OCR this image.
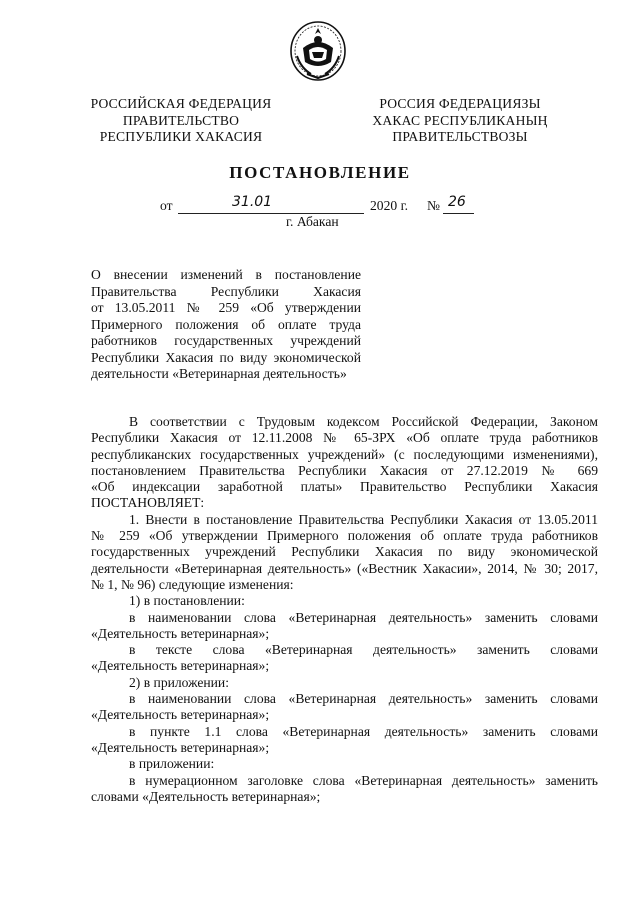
РОССИЙСКАЯ ФЕДЕРАЦИЯ
ПРАВИТЕЛЬСТВО
РЕСПУБЛИКИ ХАКАСИЯ
РОССИЯ ФЕДЕРАЦИЯЗЫ
ХАКАС РЕСПУБЛИКАНЫҢ
ПРАВИТЕЛЬСТВОЗЫ
ПОСТАНОВЛЕНИЕ
от	31.01	2020 г. № 26
г. Абакан
О внесении изменений в постановление
Правительства Республики Хакасия
от 13.05.2011 № 259 «Об утверждении
Примерного положения об оплате труда
работников государственных учреждений
Республики Хакасия по виду экономической
деятельности «Ветеринарная деятельность»
В соответствии с Трудовым кодексом Российской Федерации, Законом
Республики Хакасия от 12.11.2008 № 65-ЗРХ «Об оплате труда работников
республиканских государственных учреждений» (с последующими изменениями),
постановлением Правительства Республики Хакасия от 27.12.2019 № 669
«Об индексации заработной платы» Правительство Республики Хакасия
ПОСТАНОВЛЯЕТ:
1. Внести в постановление Правительства Республики Хакасия от 13.05.2011
№ 259 «Об утверждении Примерного положения об оплате труда работников
государственных учреждений Республики Хакасия по виду экономической
деятельности «Ветеринарная деятельность» («Вестник Хакасии», 2014, № 30; 2017,
№ 1, № 96) следующие изменения:
1) в постановлении:
в наименовании слова «Ветеринарная деятельность» заменить словами
«Деятельность ветеринарная»;
в тексте слова «Ветеринарная деятельность» заменить словами
«Деятельность ветеринарная»;
2) в приложении:
в наименовании слова «Ветеринарная деятельность» заменить словами
«Деятельность ветеринарная»;
в пункте 1.1 слова «Ветеринарная деятельность» заменить словами
«Деятельность ветеринарная»;
в приложении:
в нумерационном заголовке слова «Ветеринарная деятельность» заменить
словами «Деятельность ветеринарная»;
